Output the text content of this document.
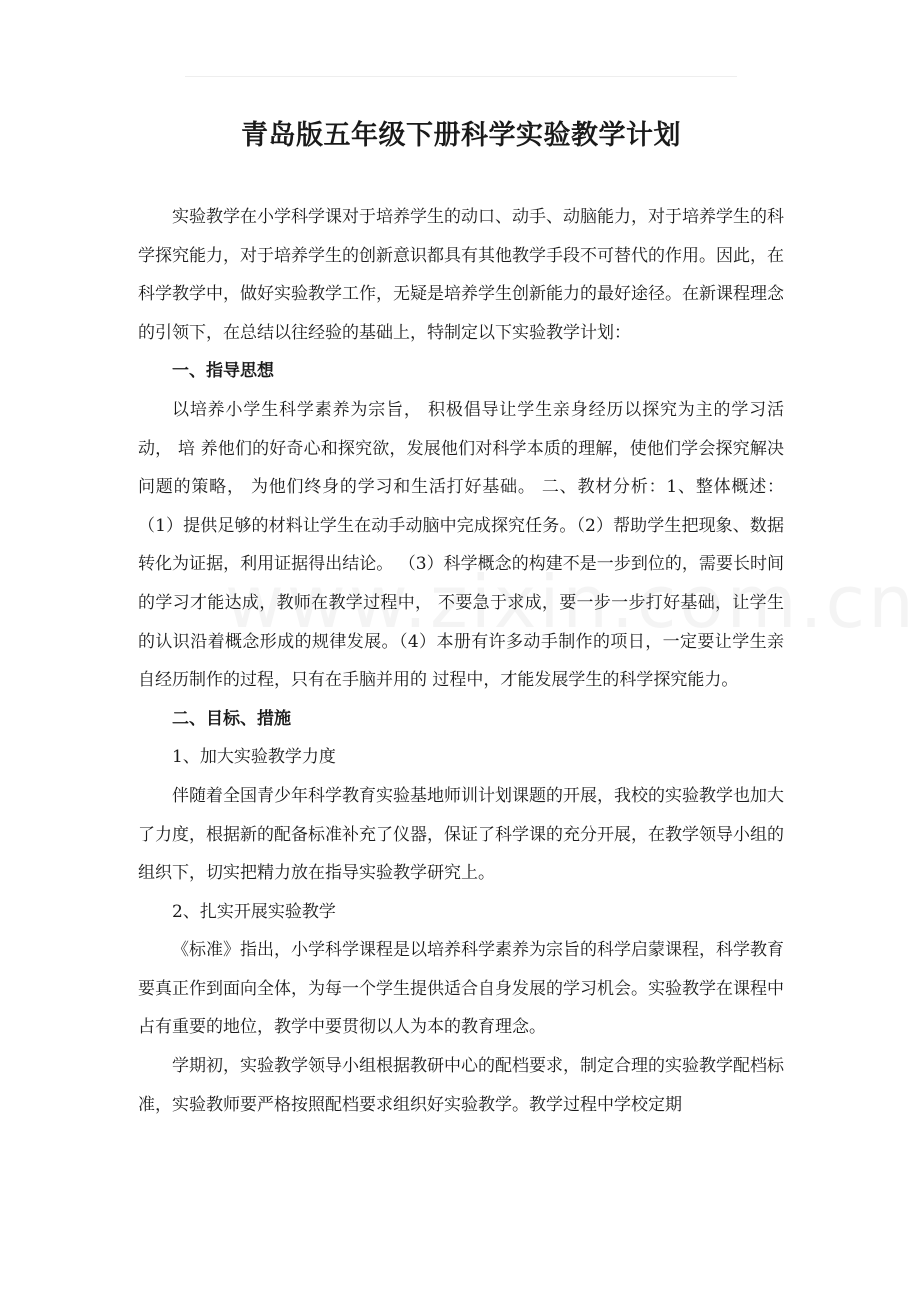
青岛版五年级下册科学实验教学计划

实验教学在小学科学课对于培养学生的动口、动手、动脑能力，对于培养学生的科学探究能力，对于培养学生的创新意识都具有其他教学手段不可替代的作用。因此，在科学教学中，做好实验教学工作，无疑是培养学生创新能力的最好途径。在新课程理念的引领下，在总结以往经验的基础上，特制定以下实验教学计划：

一、指导思想

以培养小学生科学素养为宗旨， 积极倡导让学生亲身经历以探究为主的学习活动， 培 养他们的好奇心和探究欲，发展他们对科学本质的理解，使他们学会探究解决问题的策略， 为他们终身的学习和生活打好基础。 二、教材分析：1、整体概述： （1）提供足够的材料让学生在动手动脑中完成探究任务。（2）帮助学生把现象、数据转化为证据，利用证据得出结论。 （3）科学概念的构建不是一步到位的，需要长时间的学习才能达成，教师在教学过程中， 不要急于求成，要一步一步打好基础，让学生的认识沿着概念形成的规律发展。（4）本册有许多动手制作的项日，一定要让学生亲自经历制作的过程，只有在手脑并用的 过程中，才能发展学生的科学探究能力。

二、目标、措施

1、加大实验教学力度

伴随着全国青少年科学教育实验基地师训计划课题的开展，我校的实验教学也加大了力度，根据新的配备标准补充了仪器，保证了科学课的充分开展，在教学领导小组的组织下，切实把精力放在指导实验教学研究上。

2、扎实开展实验教学

《标准》指出，小学科学课程是以培养科学素养为宗旨的科学启蒙课程，科学教育要真正作到面向全体，为每一个学生提供适合自身发展的学习机会。实验教学在课程中占有重要的地位，教学中要贯彻以人为本的教育理念。

学期初，实验教学领导小组根据教研中心的配档要求，制定合理的实验教学配档标准，实验教师要严格按照配档要求组织好实验教学。教学过程中学校定期
